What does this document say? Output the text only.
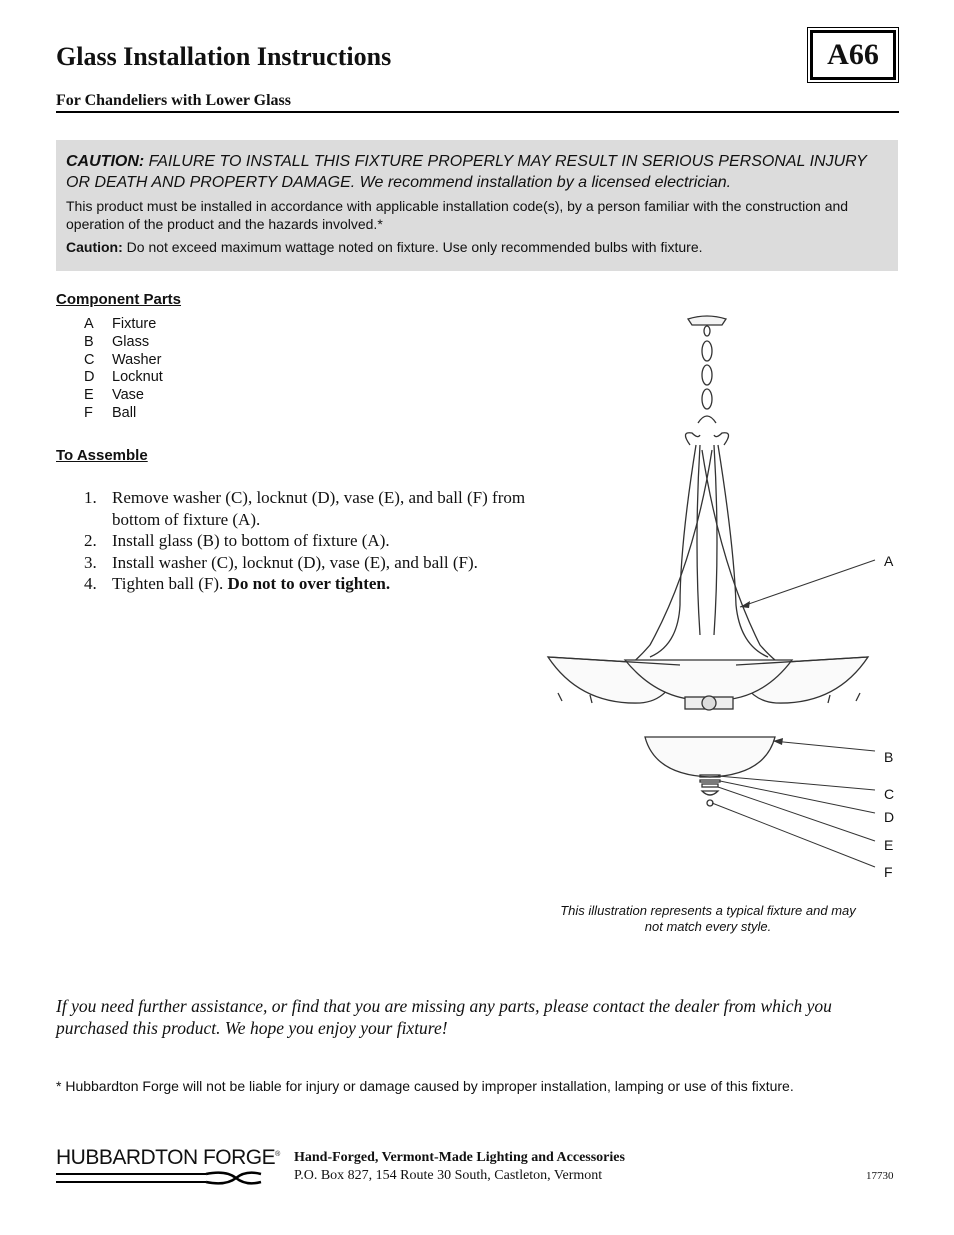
Glass Installation Instructions	A66
For Chandeliers with Lower Glass
CAUTION: FAILURE TO INSTALL THIS FIXTURE PROPERLY MAY RESULT IN SERIOUS PERSONAL INJURY OR DEATH AND PROPERTY DAMAGE. We recommend installation by a licensed electrician.
This product must be installed in accordance with applicable installation code(s), by a person familiar with the construction and operation of the product and the hazards involved.*
Caution: Do not exceed maximum wattage noted on fixture. Use only recommended bulbs with fixture.
Component Parts
A	Fixture
B	Glass
C	Washer
D	Locknut
E	Vase
F	Ball
To Assemble
1. Remove washer (C), locknut (D), vase (E), and ball (F) from bottom of fixture (A).
2. Install glass (B) to bottom of fixture (A).
3. Install washer (C), locknut (D), vase (E), and ball (F).
4. Tighten ball (F). Do not to over tighten.
A
B
C
D
E
F
This illustration represents a typical fixture and may not match every style.
If you need further assistance, or find that you are missing any parts, please contact the dealer from which you purchased this product. We hope you enjoy your fixture!
* Hubbardton Forge will not be liable for injury or damage caused by improper installation, lamping or use of this fixture.
HUBBARDTON FORGE® Hand-Forged, Vermont-Made Lighting and Accessories
P.O. Box 827, 154 Route 30 South, Castleton, Vermont	17730
